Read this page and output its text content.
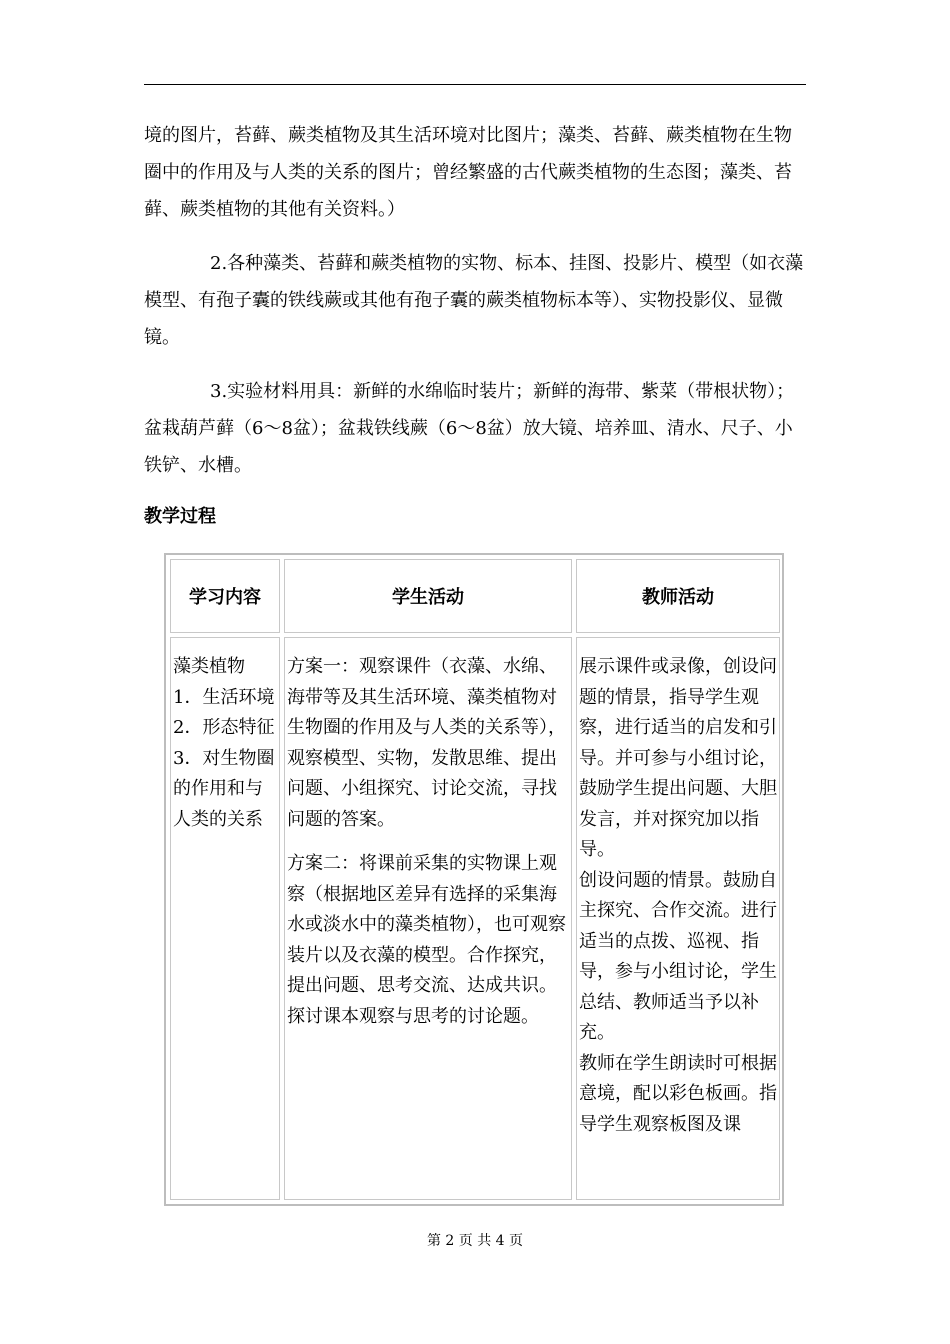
境的图片，苔藓、蕨类植物及其生活环境对比图片；藻类、苔藓、蕨类植物在生物圈中的作用及与人类的关系的图片；曾经繁盛的古代蕨类植物的生态图；藻类、苔藓、蕨类植物的其他有关资料。）

2.各种藻类、苔藓和蕨类植物的实物、标本、挂图、投影片、模型（如衣藻模型、有孢子囊的铁线蕨或其他有孢子囊的蕨类植物标本等）、实物投影仪、显微镜。

3.实验材料用具：新鲜的水绵临时装片；新鲜的海带、紫菜（带根状物）；盆栽葫芦藓（6～8盆）；盆栽铁线蕨（6～8盆）放大镜、培养皿、清水、尺子、小铁铲、水槽。

教学过程

学习内容	学生活动	教师活动

藻类植物

1．生活环境

2．形态特征

3．对生物圈的作用和与人类的关系

方案一：观察课件（衣藻、水绵、海带等及其生活环境、藻类植物对生物圈的作用及与人类的关系等），观察模型、实物，发散思维、提出问题、小组探究、讨论交流，寻找问题的答案。

方案二：将课前采集的实物课上观察（根据地区差异有选择的采集海水或淡水中的藻类植物），也可观察装片以及衣藻的模型。合作探究，提出问题、思考交流、达成共识。探讨课本观察与思考的讨论题。

展示课件或录像，创设问题的情景，指导学生观察，进行适当的启发和引导。并可参与小组讨论，鼓励学生提出问题、大胆发言，并对探究加以指导。

创设问题的情景。鼓励自主探究、合作交流。进行适当的点拨、巡视、指导，参与小组讨论，学生总结、教师适当予以补充。

教师在学生朗读时可根据意境，配以彩色板画。指导学生观察板图及课

第 2 页 共 4 页
